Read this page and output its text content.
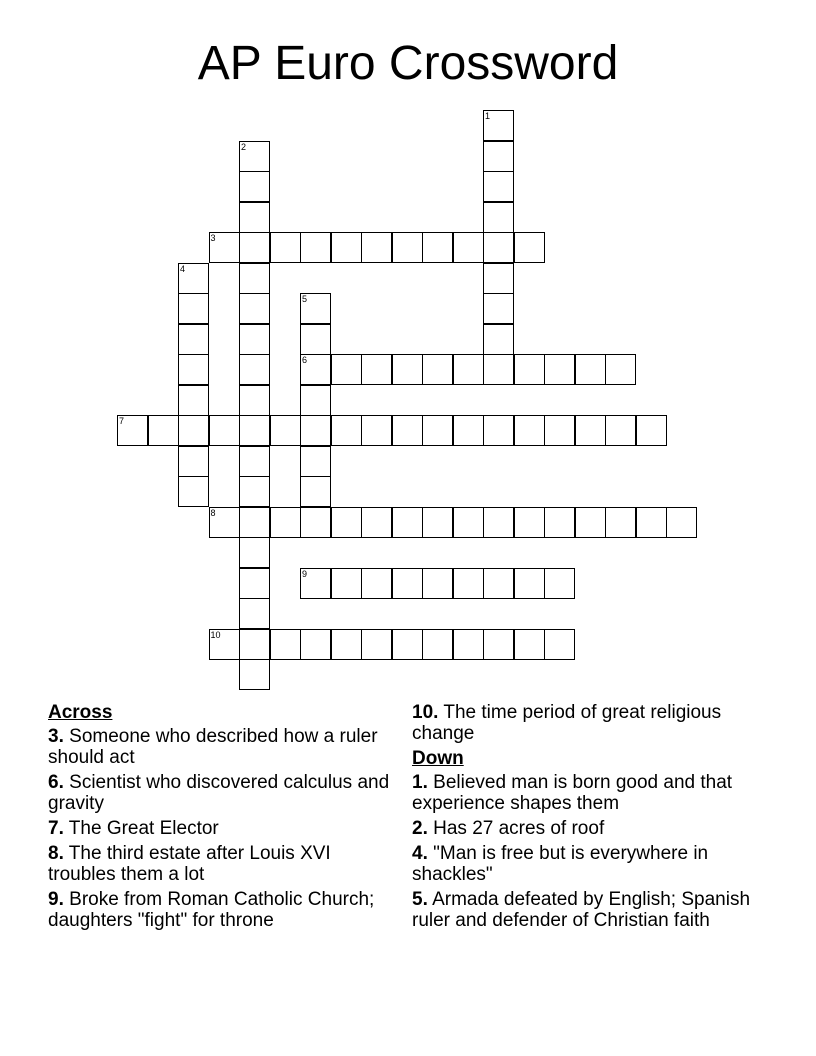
AP Euro Crossword
1
2
3
4
5
6
7
8
9
10
Across
3. Someone who described how a ruler should act
6. Scientist who discovered calculus and gravity
7. The Great Elector
8. The third estate after Louis XVI troubles them a lot
9. Broke from Roman Catholic Church; daughters "fight" for throne
10. The time period of great religious change
Down
1. Believed man is born good and that experience shapes them
2. Has 27 acres of roof
4. "Man is free but is everywhere in shackles"
5. Armada defeated by English; Spanish ruler and defender of Christian faith
